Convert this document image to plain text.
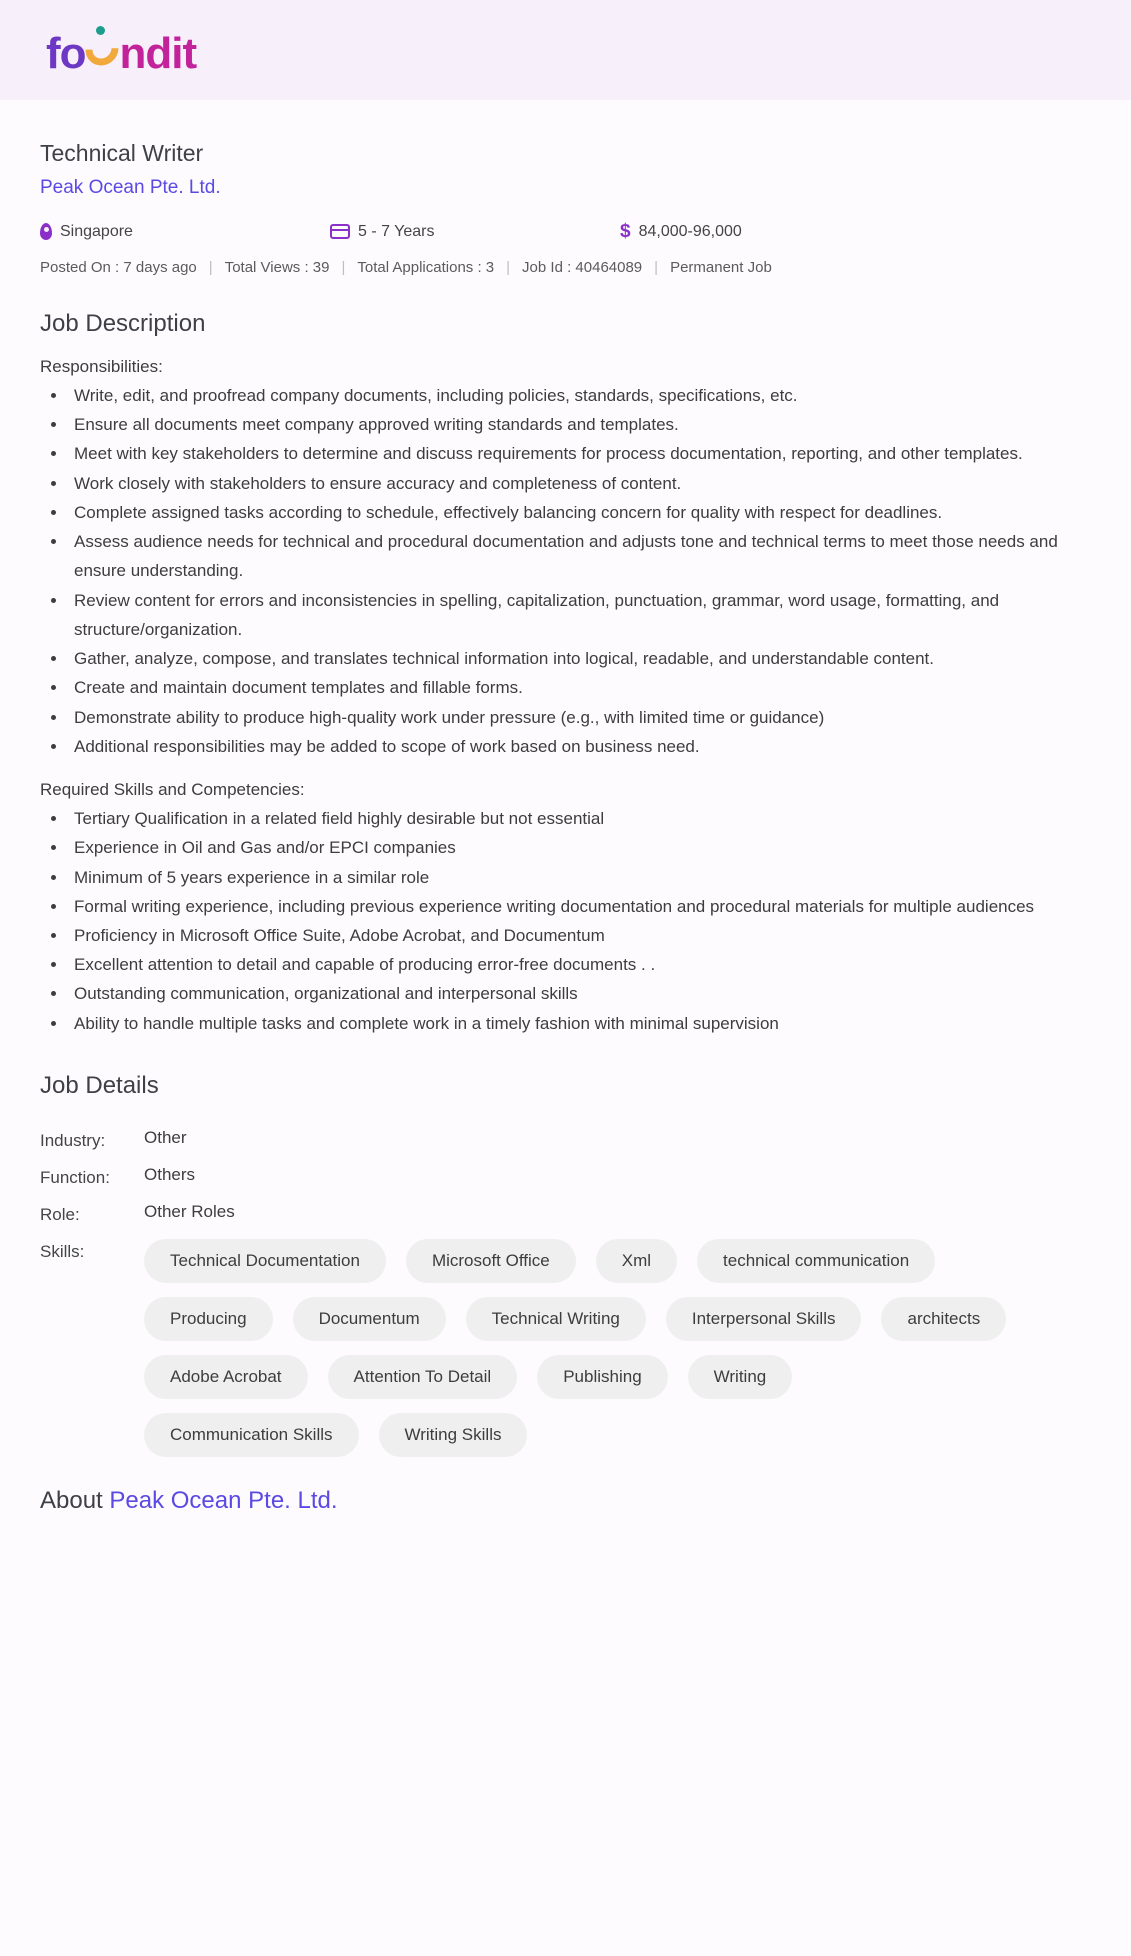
fo ndit
Technical Writer
Peak Ocean Pte. Ltd.
Singapore	5 - 7 Years	$ 84,000-96,000
Posted On : 7 days ago | Total Views : 39 | Total Applications : 3 | Job Id : 40464089 | Permanent Job
Job Description
Responsibilities:
• Write, edit, and proofread company documents, including policies, standards, specifications, etc.
• Ensure all documents meet company approved writing standards and templates.
• Meet with key stakeholders to determine and discuss requirements for process documentation, reporting, and other templates.
• Work closely with stakeholders to ensure accuracy and completeness of content.
• Complete assigned tasks according to schedule, effectively balancing concern for quality with respect for deadlines.
• Assess audience needs for technical and procedural documentation and adjusts tone and technical terms to meet those needs and ensure understanding.
• Review content for errors and inconsistencies in spelling, capitalization, punctuation, grammar, word usage, formatting, and structure/organization.
• Gather, analyze, compose, and translates technical information into logical, readable, and understandable content.
• Create and maintain document templates and fillable forms.
• Demonstrate ability to produce high-quality work under pressure (e.g., with limited time or guidance)
• Additional responsibilities may be added to scope of work based on business need.
Required Skills and Competencies:
• Tertiary Qualification in a related field highly desirable but not essential
• Experience in Oil and Gas and/or EPCI companies
• Minimum of 5 years experience in a similar role
• Formal writing experience, including previous experience writing documentation and procedural materials for multiple audiences
• Proficiency in Microsoft Office Suite, Adobe Acrobat, and Documentum
• Excellent attention to detail and capable of producing error-free documents . .
• Outstanding communication, organizational and interpersonal skills
• Ability to handle multiple tasks and complete work in a timely fashion with minimal supervision
Job Details
Industry:	Other
Function:	Others
Role:	Other Roles
Skills:	Technical Documentation	Microsoft Office	Xml	technical communication
Producing	Documentum	Technical Writing	Interpersonal Skills	architects
Adobe Acrobat	Attention To Detail	Publishing	Writing
Communication Skills	Writing Skills
About Peak Ocean Pte. Ltd.
